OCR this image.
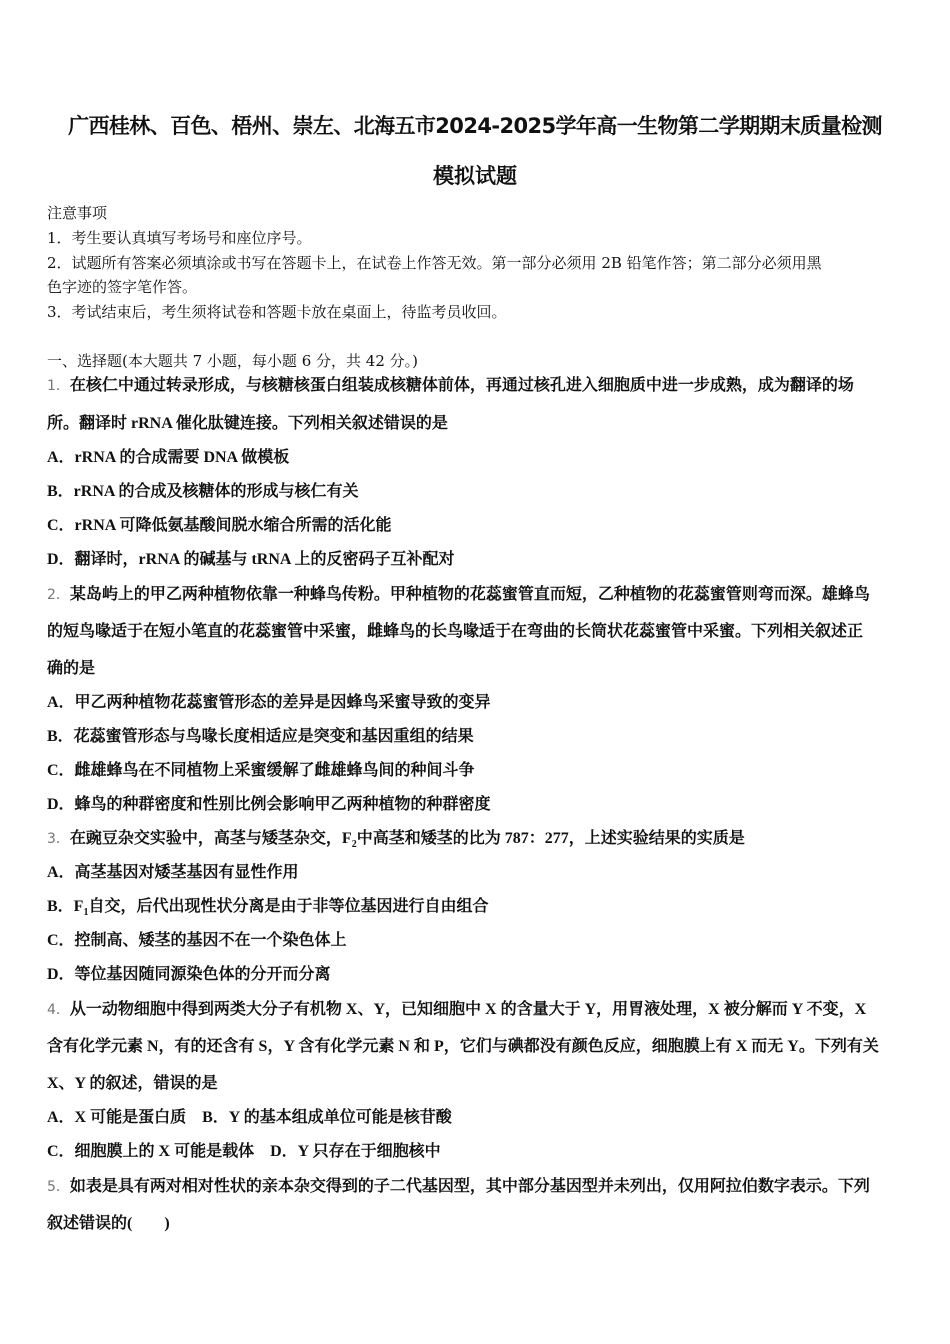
广西桂林、百色、梧州、崇左、北海五市2024-2025学年高一生物第二学期期末质量检测
模拟试题
注意事项
1．考生要认真填写考场号和座位序号。
2．试题所有答案必须填涂或书写在答题卡上，在试卷上作答无效。第一部分必须用 2B 铅笔作答；第二部分必须用黑
色字迹的签字笔作答。
3．考试结束后，考生须将试卷和答题卡放在桌面上，待监考员收回。
一、选择题(本大题共 7 小题，每小题 6 分，共 42 分。)
1．在核仁中通过转录形成，与核糖核蛋白组装成核糖体前体，再通过核孔进入细胞质中进一步成熟，成为翻译的场
所。翻译时 rRNA 催化肽键连接。下列相关叙述错误的是
A．rRNA 的合成需要 DNA 做模板
B．rRNA 的合成及核糖体的形成与核仁有关
C．rRNA 可降低氨基酸间脱水缩合所需的活化能
D．翻译时，rRNA 的碱基与 tRNA 上的反密码子互补配对
2．某岛屿上的甲乙两种植物依靠一种蜂鸟传粉。甲种植物的花蕊蜜管直而短，乙种植物的花蕊蜜管则弯而深。雄蜂鸟
的短鸟喙适于在短小笔直的花蕊蜜管中采蜜，雌蜂鸟的长鸟喙适于在弯曲的长筒状花蕊蜜管中采蜜。下列相关叙述正
确的是
A．甲乙两种植物花蕊蜜管形态的差异是因蜂鸟采蜜导致的变异
B．花蕊蜜管形态与鸟喙长度相适应是突变和基因重组的结果
C．雌雄蜂鸟在不同植物上采蜜缓解了雌雄蜂鸟间的种间斗争
D．蜂鸟的种群密度和性别比例会影响甲乙两种植物的种群密度
3．在豌豆杂交实验中，高茎与矮茎杂交，$F_2$中高茎和矮茎的比为 787：277，上述实验结果的实质是
A．高茎基因对矮茎基因有显性作用
B．$F_1$自交，后代出现性状分离是由于非等位基因进行自由组合
C．控制高、矮茎的基因不在一个染色体上
D．等位基因随同源染色体的分开而分离
4．从一动物细胞中得到两类大分子有机物 X、Y，已知细胞中 X 的含量大于 Y，用胃液处理，X 被分解而 Y 不变，X
含有化学元素 N，有的还含有 S，Y 含有化学元素 N 和 P，它们与碘都没有颜色反应，细胞膜上有 X 而无 Y。下列有关
X、Y 的叙述，错误的是
A．X 可能是蛋白质　B．Y 的基本组成单位可能是核苷酸
C．细胞膜上的 X 可能是载体　D．Y 只存在于细胞核中
5．如表是具有两对相对性状的亲本杂交得到的子二代基因型，其中部分基因型并未列出，仅用阿拉伯数字表示。下列
叙述错误的(　　)
